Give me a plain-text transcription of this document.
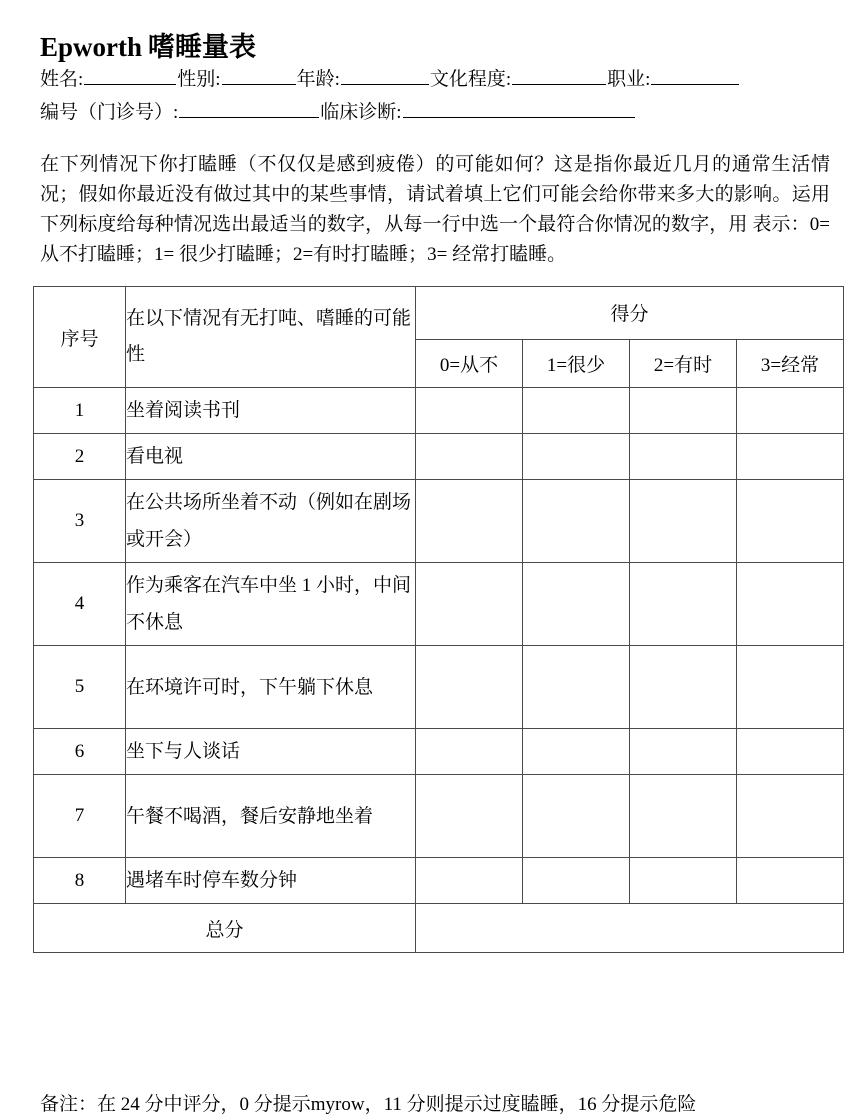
Epworth 嗜睡量表
姓名:	性别:	年龄:	文化程度:	职业:
编号（门诊号）:	临床诊断:
在下列情况下你打瞌睡（不仅仅是感到疲倦）的可能如何？这是指你最近几月的通常生活情况；假如你最近没有做过其中的某些事情，请试着填上它们可能会给你带来多大的影响。运用下列标度给每种情况选出最适当的数字，从每一行中选一个最符合你情况的数字，用 表示：0=从不打瞌睡；1= 很少打瞌睡；2=有时打瞌睡；3= 经常打瞌睡。
序号	在以下情况有无打吨、嗜睡的可能性	得分			
		0=从不	1=很少	2=有时	3=经常
1	坐着阅读书刊				
2	看电视				
3	在公共场所坐着不动（例如在剧场或开会）				
4	作为乘客在汽车中坐 1 小时，中间不休息				
5	在环境许可时，下午躺下休息				
6	坐下与人谈话				
7	午餐不喝酒，餐后安静地坐着				
8	遇堵车时停车数分钟				
总分					
备注：在 24 分中评分，0 分提示myrow，11 分则提示过度瞌睡，16 分提示危险
